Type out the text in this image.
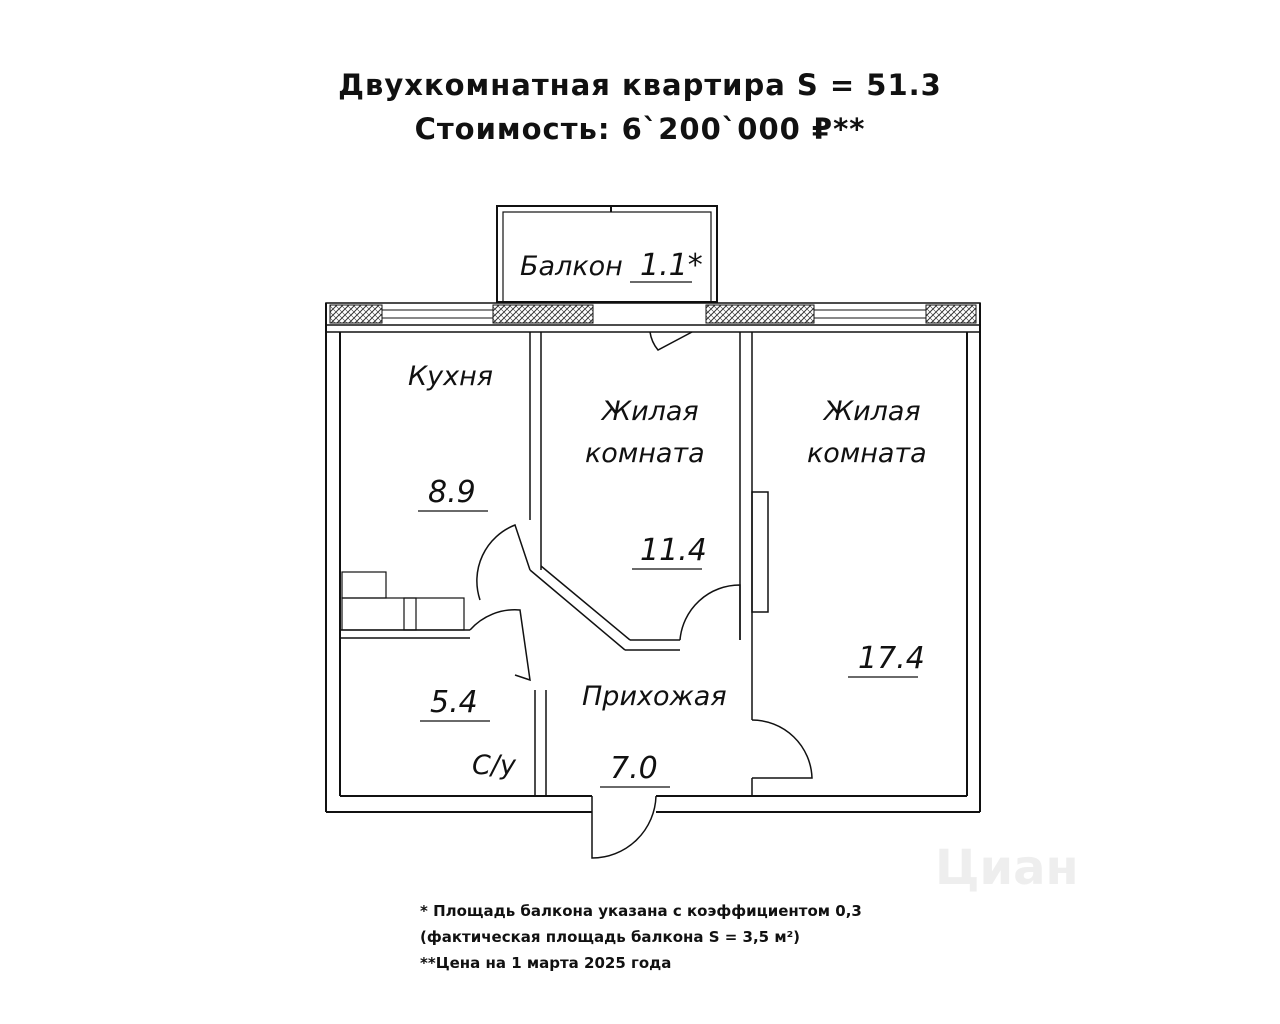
Двухкомнатная квартира S = 51.3
Стоимость: 6`200`000 ₽**
Балкон 1.1*
Кухня
8.9
Жилая
комната
11.4
Жилая
комната
17.4
Прихожая
7.0
5.4
С/у
Циан
* Площадь балкона указана с коэффициентом 0,3
(фактическая площадь балкона S = 3,5 м²)
**Цена на 1 марта 2025 года
